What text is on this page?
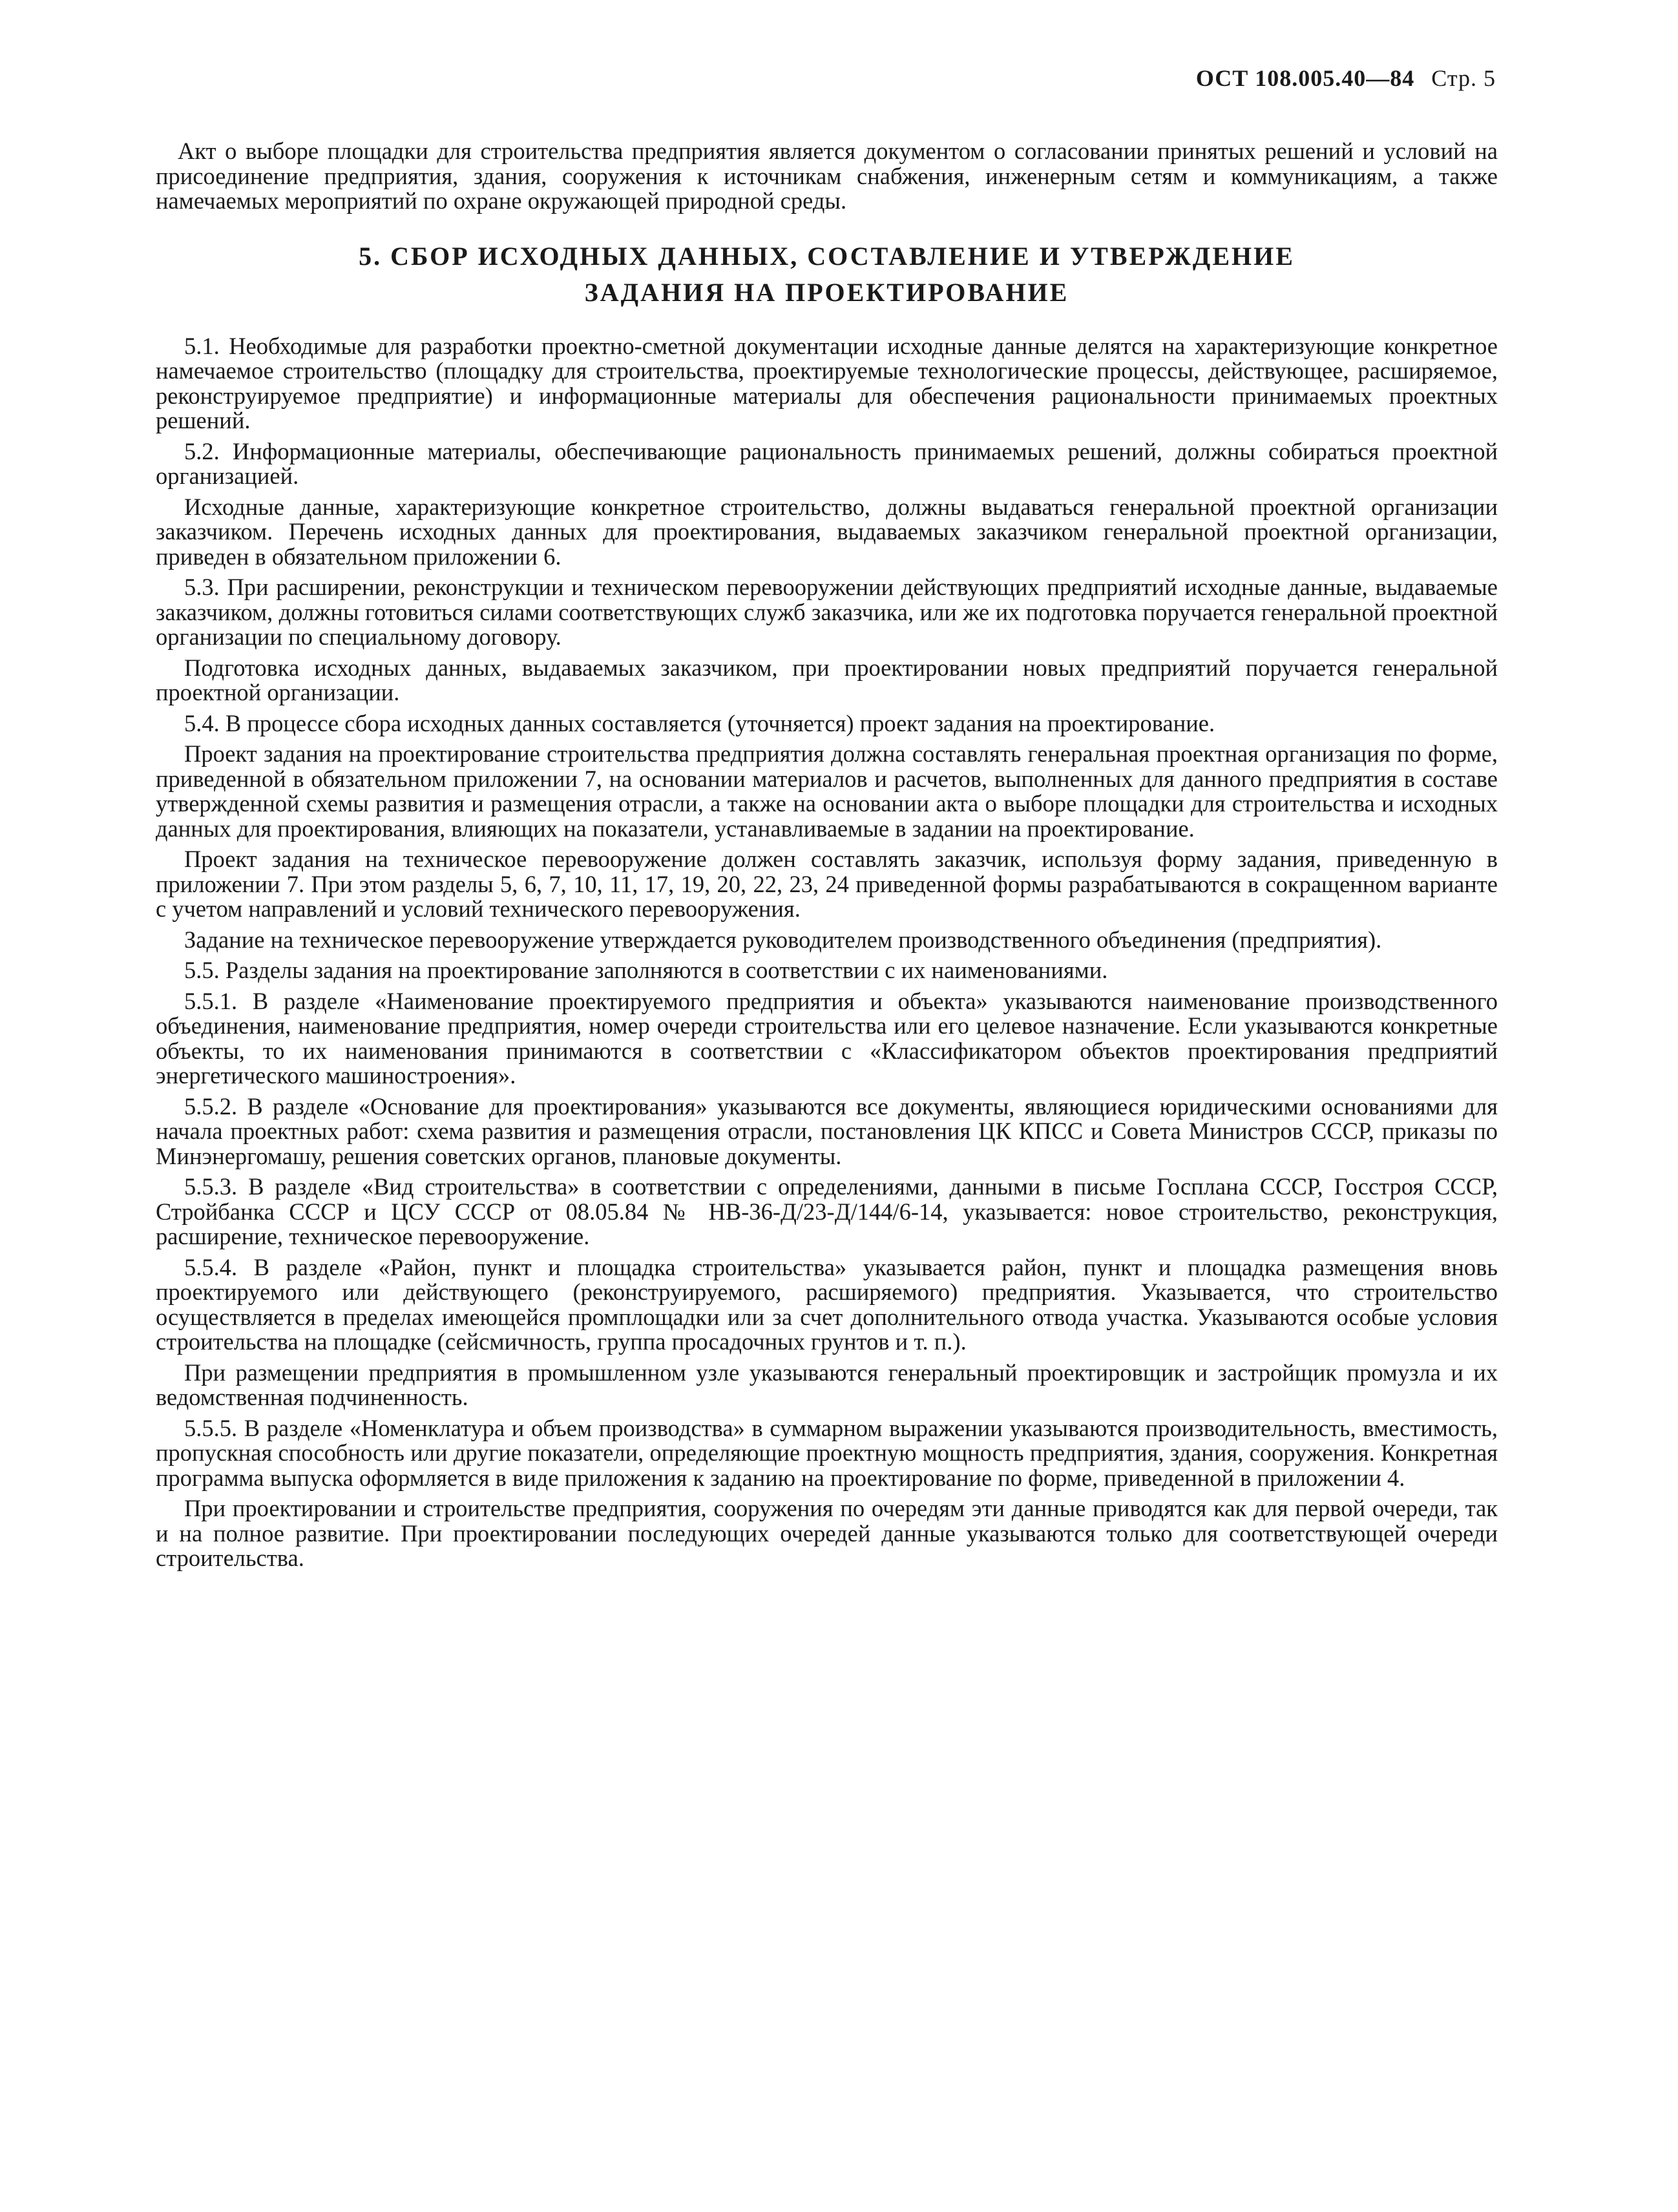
ОСТ 108.005.40—84 Стр. 5

Акт о выборе площадки для строительства предприятия является документом о согласовании принятых решений и условий на присоединение предприятия, здания, сооружения к источникам снабжения, инженерным сетям и коммуникациям, а также намечаемых мероприятий по охране окружающей природной среды.

5. СБОР ИСХОДНЫХ ДАННЫХ, СОСТАВЛЕНИЕ И УТВЕРЖДЕНИЕ
ЗАДАНИЯ НА ПРОЕКТИРОВАНИЕ

5.1. Необходимые для разработки проектно-сметной документации исходные данные делятся на характеризующие конкретное намечаемое строительство (площадку для строительства, проектируемые технологические процессы, действующее, расширяемое, реконструируемое предприятие) и информационные материалы для обеспечения рациональности принимаемых проектных решений.

5.2. Информационные материалы, обеспечивающие рациональность принимаемых решений, должны собираться проектной организацией.

Исходные данные, характеризующие конкретное строительство, должны выдаваться генеральной проектной организации заказчиком. Перечень исходных данных для проектирования, выдаваемых заказчиком генеральной проектной организации, приведен в обязательном приложении 6.

5.3. При расширении, реконструкции и техническом перевооружении действующих предприятий исходные данные, выдаваемые заказчиком, должны готовиться силами соответствующих служб заказчика, или же их подготовка поручается генеральной проектной организации по специальному договору.

Подготовка исходных данных, выдаваемых заказчиком, при проектировании новых предприятий поручается генеральной проектной организации.

5.4. В процессе сбора исходных данных составляется (уточняется) проект задания на проектирование.

Проект задания на проектирование строительства предприятия должна составлять генеральная проектная организация по форме, приведенной в обязательном приложении 7, на основании материалов и расчетов, выполненных для данного предприятия в составе утвержденной схемы развития и размещения отрасли, а также на основании акта о выборе площадки для строительства и исходных данных для проектирования, влияющих на показатели, устанавливаемые в задании на проектирование.

Проект задания на техническое перевооружение должен составлять заказчик, используя форму задания, приведенную в приложении 7. При этом разделы 5, 6, 7, 10, 11, 17, 19, 20, 22, 23, 24 приведенной формы разрабатываются в сокращенном варианте с учетом направлений и условий технического перевооружения.

Задание на техническое перевооружение утверждается руководителем производственного объединения (предприятия).

5.5. Разделы задания на проектирование заполняются в соответствии с их наименованиями.

5.5.1. В разделе «Наименование проектируемого предприятия и объекта» указываются наименование производственного объединения, наименование предприятия, номер очереди строительства или его целевое назначение. Если указываются конкретные объекты, то их наименования принимаются в соответствии с «Классификатором объектов проектирования предприятий энергетического машиностроения».

5.5.2. В разделе «Основание для проектирования» указываются все документы, являющиеся юридическими основаниями для начала проектных работ: схема развития и размещения отрасли, постановления ЦК КПСС и Совета Министров СССР, приказы по Минэнергомашу, решения советских органов, плановые документы.

5.5.3. В разделе «Вид строительства» в соответствии с определениями, данными в письме Госплана СССР, Госстроя СССР, Стройбанка СССР и ЦСУ СССР от 08.05.84 № НВ-36-Д/23-Д/144/6-14, указывается: новое строительство, реконструкция, расширение, техническое перевооружение.

5.5.4. В разделе «Район, пункт и площадка строительства» указывается район, пункт и площадка размещения вновь проектируемого или действующего (реконструируемого, расширяемого) предприятия. Указывается, что строительство осуществляется в пределах имеющейся промплощадки или за счет дополнительного отвода участка. Указываются особые условия строительства на площадке (сейсмичность, группа просадочных грунтов и т. п.).

При размещении предприятия в промышленном узле указываются генеральный проектировщик и застройщик промузла и их ведомственная подчиненность.

5.5.5. В разделе «Номенклатура и объем производства» в суммарном выражении указываются производительность, вместимость, пропускная способность или другие показатели, определяющие проектную мощность предприятия, здания, сооружения. Конкретная программа выпуска оформляется в виде приложения к заданию на проектирование по форме, приведенной в приложении 4.

При проектировании и строительстве предприятия, сооружения по очередям эти данные приводятся как для первой очереди, так и на полное развитие. При проектировании последующих очередей данные указываются только для соответствующей очереди строительства.
